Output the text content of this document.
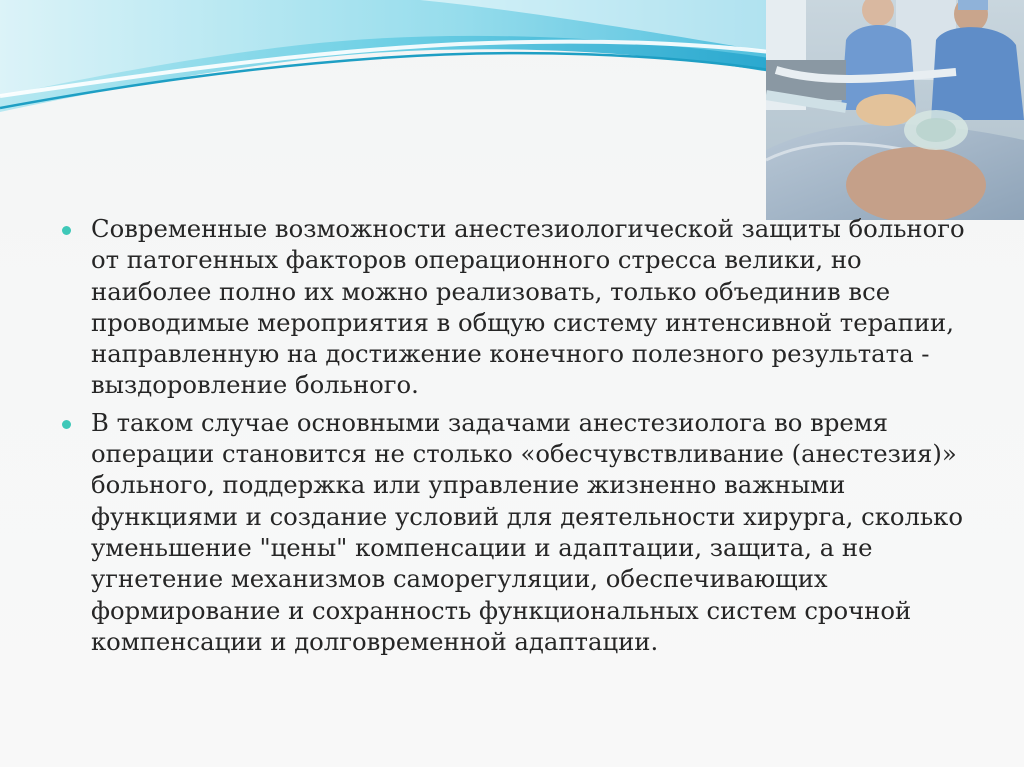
Современные возможности анестезиологической защиты больного от патогенных факторов операционного стресса велики, но наиболее полно их можно реализовать, только объединив все проводимые мероприятия в общую систему интенсивной терапии, направленную на достижение конечного полезного результата - выздоровление больного.
В таком случае основными задачами анестезиолога во время операции становится не столько «обесчувствливание (анестезия)» больного, поддержка или управление жизненно важными функциями и создание условий для деятельности хирурга, сколько уменьшение "цены" компенсации и адаптации, защита, а не угнетение механизмов саморегуляции, обеспечивающих формирование и сохранность функциональных систем срочной компенсации и долговременной адаптации.
